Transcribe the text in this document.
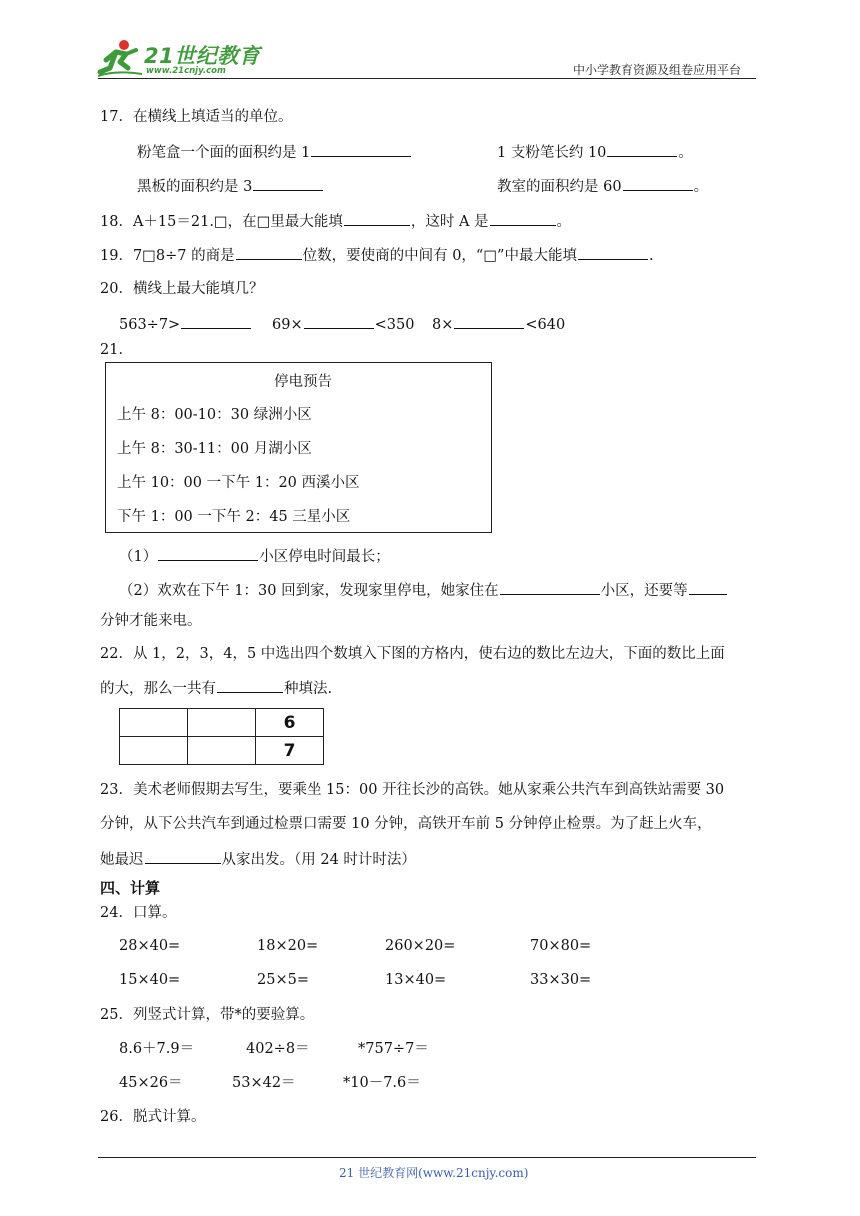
21世纪教育
www.21cnjy.com	中小学教育资源及组卷应用平台
17．在横线上填适当的单位。
粉笔盒一个面的面积约是 1	1 支粉笔长约 10	。
黑板的面积约是 3	教室的面积约是 60	。
18．A＋15＝21.□，在□里最大能填	，这时 A 是	。
19．7□8÷7 的商是	位数，要使商的中间有 0，“□”中最大能填	.
20．横线上最大能填几？
563÷7>	69×	<350 8×	<640
21．
停电预告
上午 8：00-10：30 绿洲小区
上午 8：30-11：00 月湖小区
上午 10：00 一下午 1：20 西溪小区
下午 1：00 一下午 2：45 三星小区
（1）	小区停电时间最长；
（2）欢欢在下午 1：30 回到家，发现家里停电，她家住在	小区，还要等
分钟才能来电。
22．从 1，2，3，4，5 中选出四个数填入下图的方格内，使右边的数比左边大，下面的数比上面
的大，那么一共有	种填法.
		6
		7
23．美术老师假期去写生，要乘坐 15：00 开往长沙的高铁。她从家乘公共汽车到高铁站需要 30
分钟，从下公共汽车到通过检票口需要 10 分钟，高铁开车前 5 分钟停止检票。为了赶上火车，
她最迟	从家出发。（用 24 时计时法）
四、计算
24．口算。
28×40=	18×20=	260×20=	70×80=
15×40=	25×5=	13×40=	33×30=
25．列竖式计算，带*的要验算。
8.6＋7.9＝	402÷8＝	*757÷7＝
45×26＝	53×42＝	*10－7.6＝
26．脱式计算。
21 世纪教育网(www.21cnjy.com)
